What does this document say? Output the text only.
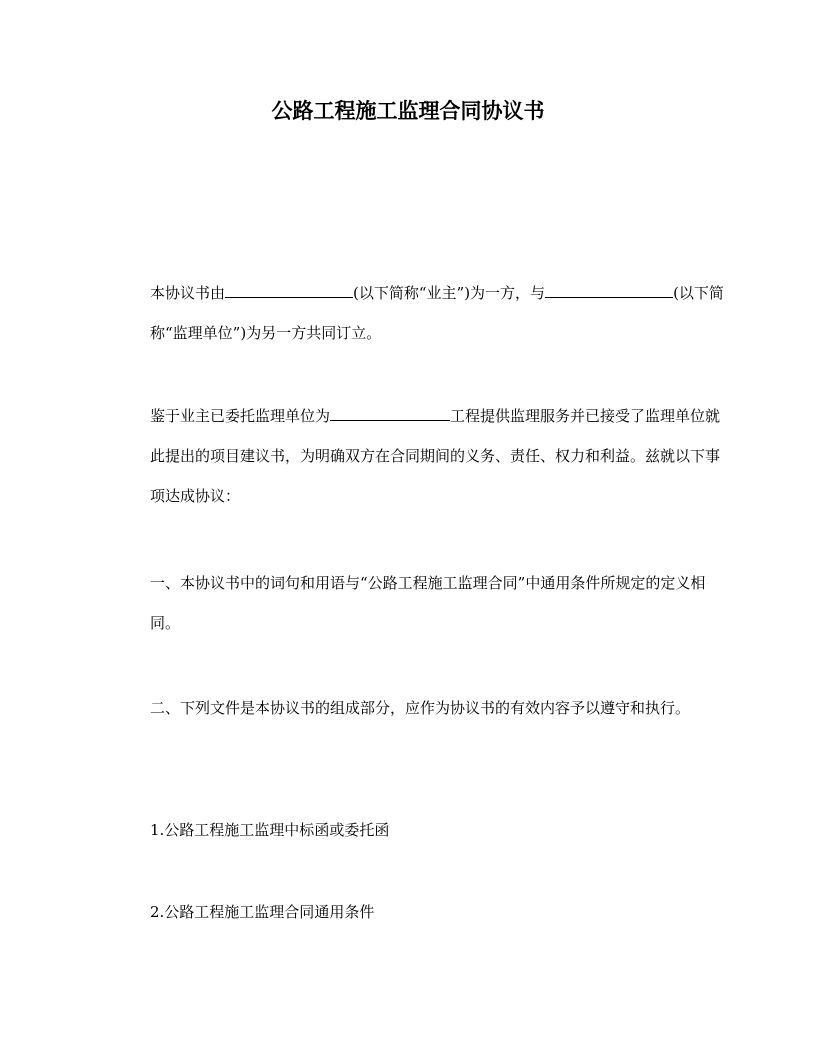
公路工程施工监理合同协议书

本协议书由	(以下简称“业主”)为一方，与	(以下简称“监理单位”)为另一方共同订立。

鉴于业主已委托监理单位为	工程提供监理服务并已接受了监理单位就此提出的项目建议书，为明确双方在合同期间的义务、责任、权力和利益。兹就以下事项达成协议：

一、本协议书中的词句和用语与“公路工程施工监理合同”中通用条件所规定的定义相同。

二、下列文件是本协议书的组成部分，应作为协议书的有效内容予以遵守和执行。

1.公路工程施工监理中标函或委托函

2.公路工程施工监理合同通用条件
